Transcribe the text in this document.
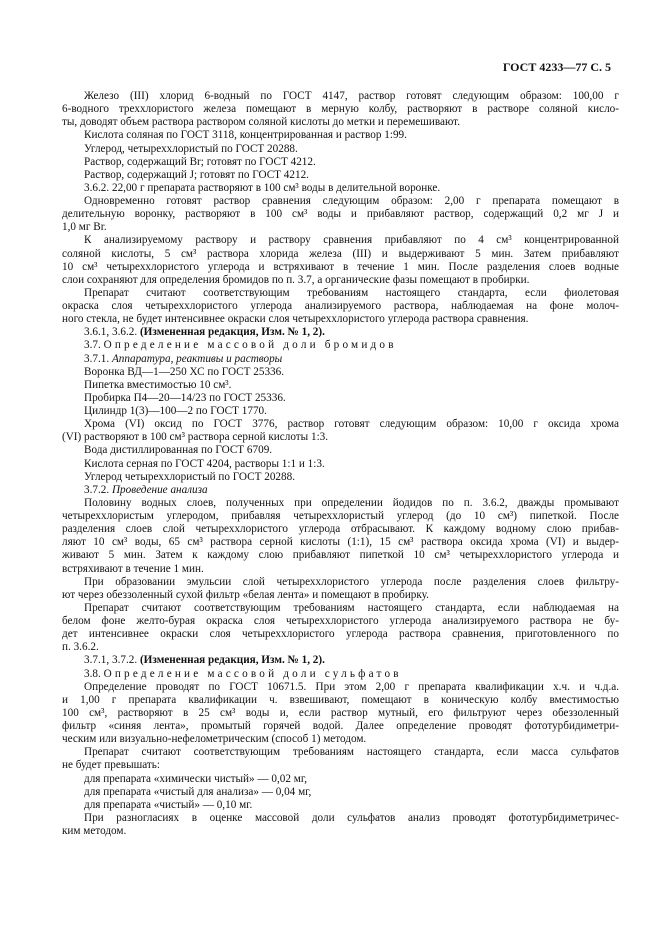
ГОСТ 4233—77 С. 5
Железо (III) хлорид 6-водный по ГОСТ 4147, раствор готовят следующим образом: 100,00 г
6-водного треххлористого железа помещают в мерную колбу, растворяют в растворе соляной кисло-
ты, доводят объем раствора раствором соляной кислоты до метки и перемешивают.
Кислота соляная по ГОСТ 3118, концентрированная и раствор 1:99.
Углерод, четыреххлористый по ГОСТ 20288.
Раствор, содержащий Br; готовят по ГОСТ 4212.
Раствор, содержащий J; готовят по ГОСТ 4212.
3.6.2. 22,00 г препарата растворяют в 100 см³ воды в делительной воронке.
Одновременно готовят раствор сравнения следующим образом: 2,00 г препарата помещают в
делительную воронку, растворяют в 100 см³ воды и прибавляют раствор, содержащий 0,2 мг J и
1,0 мг Br.
К анализируемому раствору и раствору сравнения прибавляют по 4 см³ концентрированной
соляной кислоты, 5 см³ раствора хлорида железа (III) и выдерживают 5 мин. Затем прибавляют
10 см³ четыреххлористого углерода и встряхивают в течение 1 мин. После разделения слоев водные
слои сохраняют для определения бромидов по п. 3.7, а органические фазы помещают в пробирки.
Препарат считают соответствующим требованиям настоящего стандарта, если фиолетовая
окраска слоя четыреххлористого углерода анализируемого раствора, наблюдаемая на фоне молоч-
ного стекла, не будет интенсивнее окраски слоя четыреххлористого углерода раствора сравнения.
3.6.1, 3.6.2. (Измененная редакция, Изм. № 1, 2).
3.7. Определение массовой доли бромидов
3.7.1. Аппаратура, реактивы и растворы
Воронка ВД—1—250 ХС по ГОСТ 25336.
Пипетка вместимостью 10 см³.
Пробирка П4—20—14/23 по ГОСТ 25336.
Цилиндр 1(3)—100—2 по ГОСТ 1770.
Хрома (VI) оксид по ГОСТ 3776, раствор готовят следующим образом: 10,00 г оксида хрома
(VI) растворяют в 100 см³ раствора серной кислоты 1:3.
Вода дистиллированная по ГОСТ 6709.
Кислота серная по ГОСТ 4204, растворы 1:1 и 1:3.
Углерод четыреххлористый по ГОСТ 20288.
3.7.2. Проведение анализа
Половину водных слоев, полученных при определении йодидов по п. 3.6.2, дважды промывают
четыреххлористым углеродом, прибавляя четыреххлористый углерод (до 10 см³) пипеткой. После
разделения слоев слой четыреххлористого углерода отбрасывают. К каждому водному слою прибав-
ляют 10 см³ воды, 65 см³ раствора серной кислоты (1:1), 15 см³ раствора оксида хрома (VI) и выдер-
живают 5 мин. Затем к каждому слою прибавляют пипеткой 10 см³ четыреххлористого углерода и
встряхивают в течение 1 мин.
При образовании эмульсии слой четыреххлористого углерода после разделения слоев фильтру-
ют через обеззоленный сухой фильтр «белая лента» и помещают в пробирку.
Препарат считают соответствующим требованиям настоящего стандарта, если наблюдаемая на
белом фоне желто-бурая окраска слоя четыреххлористого углерода анализируемого раствора не бу-
дет интенсивнее окраски слоя четыреххлористого углерода раствора сравнения, приготовленного по
п. 3.6.2.
3.7.1, 3.7.2. (Измененная редакция, Изм. № 1, 2).
3.8. Определение массовой доли сульфатов
Определение проводят по ГОСТ 10671.5. При этом 2,00 г препарата квалификации х.ч. и ч.д.а.
и 1,00 г препарата квалификации ч. взвешивают, помещают в коническую колбу вместимостью
100 см³, растворяют в 25 см³ воды и, если раствор мутный, его фильтруют через обеззоленный
фильтр «синяя лента», промытый горячей водой. Далее определение проводят фототурбидиметри-
ческим или визуально-нефелометрическим (способ 1) методом.
Препарат считают соответствующим требованиям настоящего стандарта, если масса сульфатов
не будет превышать:
для препарата «химически чистый» — 0,02 мг,
для препарата «чистый для анализа» — 0,04 мг,
для препарата «чистый» — 0,10 мг.
При разногласиях в оценке массовой доли сульфатов анализ проводят фототурбидиметричес-
ким методом.
